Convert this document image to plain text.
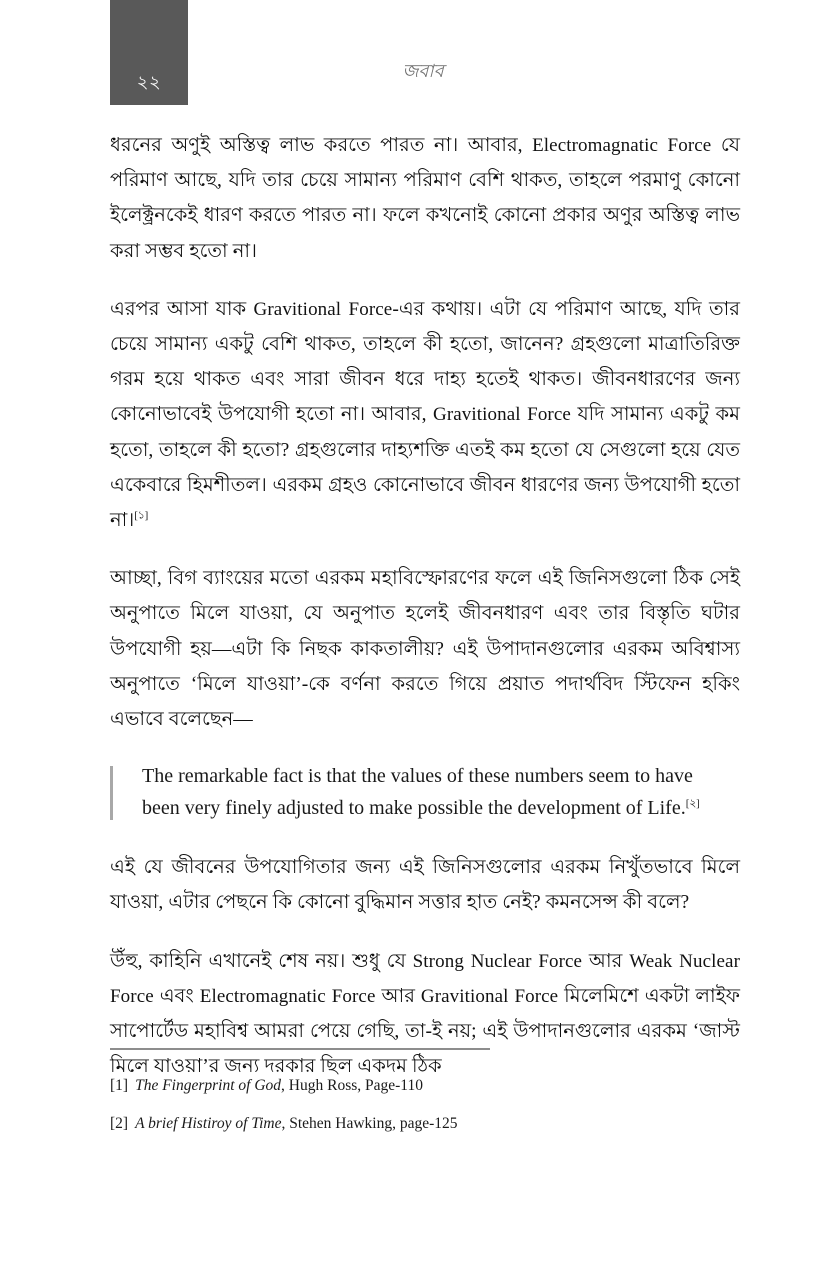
২২
জবাব

ধরনের অণুই অস্তিত্ব লাভ করতে পারত না। আবার, Electromagnatic Force যে পরিমাণ আছে, যদি তার চেয়ে সামান্য পরিমাণ বেশি থাকত, তাহলে পরমাণু কোনো ইলেক্ট্রনকেই ধারণ করতে পারত না। ফলে কখনোই কোনো প্রকার অণুর অস্তিত্ব লাভ করা সম্ভব হতো না।

এরপর আসা যাক Gravitional Force-এর কথায়। এটা যে পরিমাণ আছে, যদি তার চেয়ে সামান্য একটু বেশি থাকত, তাহলে কী হতো, জানেন? গ্রহগুলো মাত্রাতিরিক্ত গরম হয়ে থাকত এবং সারা জীবন ধরে দাহ্য হতেই থাকত। জীবনধারণের জন্য কোনোভাবেই উপযোগী হতো না। আবার, Gravitional Force যদি সামান্য একটু কম হতো, তাহলে কী হতো? গ্রহগুলোর দাহ্যশক্তি এতই কম হতো যে সেগুলো হয়ে যেত একেবারে হিমশীতল। এরকম গ্রহও কোনোভাবে জীবন ধারণের জন্য উপযোগী হতো না।[১]

আচ্ছা, বিগ ব্যাংয়ের মতো এরকম মহাবিস্ফোরণের ফলে এই জিনিসগুলো ঠিক সেই অনুপাতে মিলে যাওয়া, যে অনুপাত হলেই জীবনধারণ এবং তার বিস্তৃতি ঘটার উপযোগী হয়—এটা কি নিছক কাকতালীয়? এই উপাদানগুলোর এরকম অবিশ্বাস্য অনুপাতে ‘মিলে যাওয়া’-কে বর্ণনা করতে গিয়ে প্রয়াত পদার্থবিদ স্টিফেন হকিং এভাবে বলেছেন—

The remarkable fact is that the values of these numbers seem to have been very finely adjusted to make possible the development of Life.[২]

এই যে জীবনের উপযোগিতার জন্য এই জিনিসগুলোর এরকম নিখুঁতভাবে মিলে যাওয়া, এটার পেছনে কি কোনো বুদ্ধিমান সত্তার হাত নেই? কমনসেন্স কী বলে?

উঁহু, কাহিনি এখানেই শেষ নয়। শুধু যে Strong Nuclear Force আর Weak Nuclear Force এবং Electromagnatic Force আর Gravitional Force মিলেমিশে একটা লাইফ সাপোর্টেড মহাবিশ্ব আমরা পেয়ে গেছি, তা-ই নয়; এই উপাদানগুলোর এরকম ‘জাস্ট মিলে যাওয়া’র জন্য দরকার ছিল একদম ঠিক

[1] The Fingerprint of God, Hugh Ross, Page-110
[2] A brief Histiroy of Time, Stehen Hawking, page-125
